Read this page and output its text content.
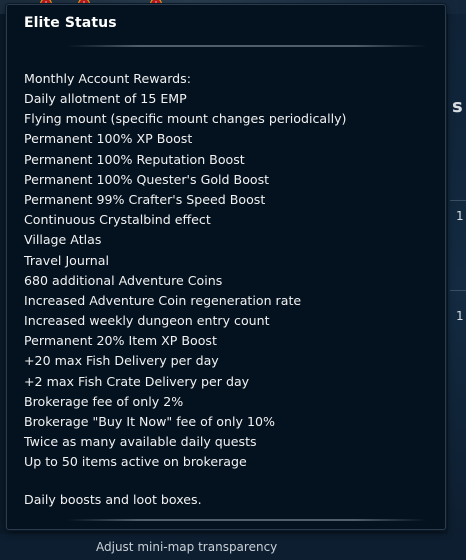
s
1
1
Adjust mini-map transparency
Elite Status
Monthly Account Rewards:
Daily allotment of 15 EMP
Flying mount (specific mount changes periodically)
Permanent 100% XP Boost
Permanent 100% Reputation Boost
Permanent 100% Quester's Gold Boost
Permanent 99% Crafter's Speed Boost
Continuous Crystalbind effect
Village Atlas
Travel Journal
680 additional Adventure Coins
Increased Adventure Coin regeneration rate
Increased weekly dungeon entry count
Permanent 20% Item XP Boost
+20 max Fish Delivery per day
+2 max Fish Crate Delivery per day
Brokerage fee of only 2%
Brokerage "Buy It Now" fee of only 10%
Twice as many available daily quests
Up to 50 items active on brokerage
Daily boosts and loot boxes.
